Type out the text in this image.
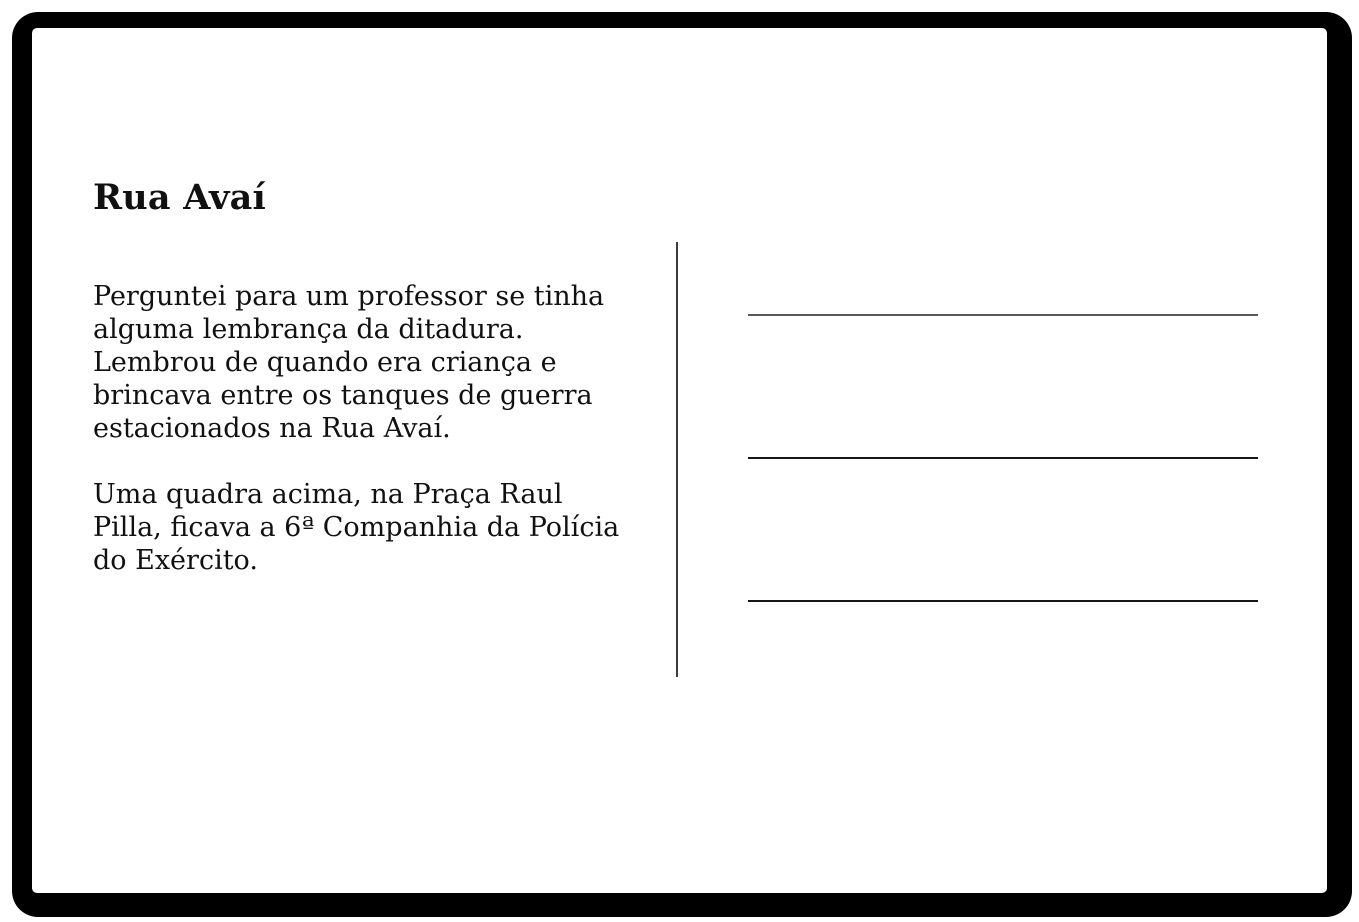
Rua Avaí

Perguntei para um professor se tinha
alguma lembrança da ditadura.
Lembrou de quando era criança e
brincava entre os tanques de guerra
estacionados na Rua Avaí.

Uma quadra acima, na Praça Raul
Pilla, ficava a 6ª Companhia da Polícia
do Exército.
